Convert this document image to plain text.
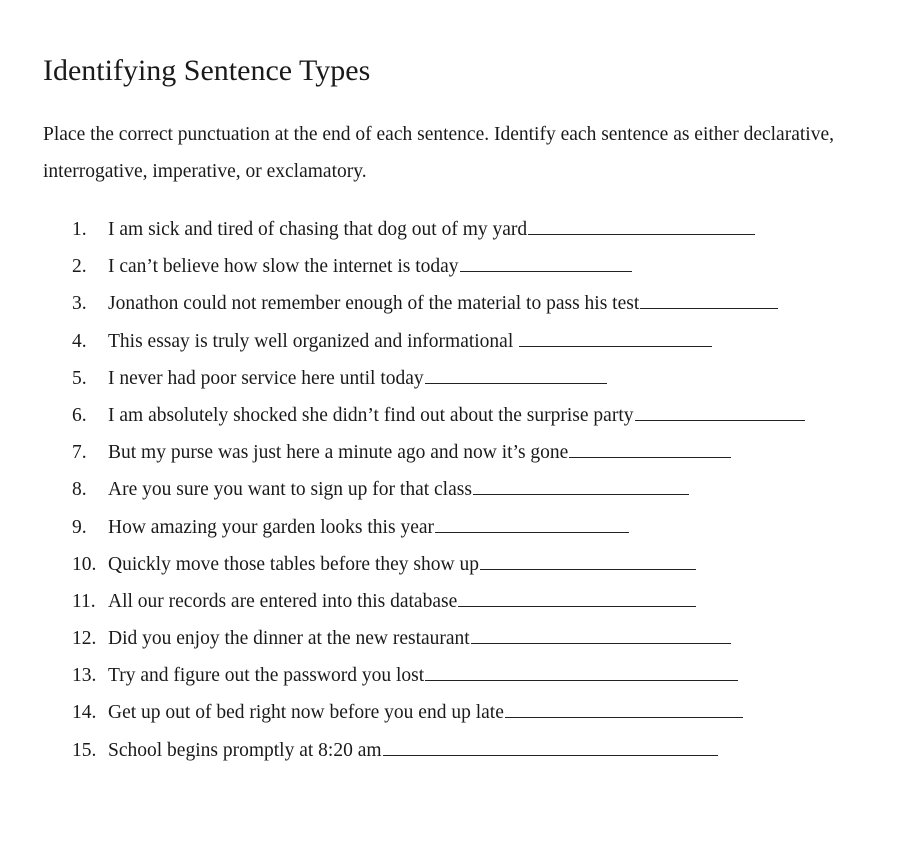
Identifying Sentence Types

Place the correct punctuation at the end of each sentence. Identify each sentence as either declarative, interrogative, imperative, or exclamatory.

1. I am sick and tired of chasing that dog out of my yard
2. I can’t believe how slow the internet is today
3. Jonathon could not remember enough of the material to pass his test
4. This essay is truly well organized and informational
5. I never had poor service here until today
6. I am absolutely shocked she didn’t find out about the surprise party
7. But my purse was just here a minute ago and now it’s gone
8. Are you sure you want to sign up for that class
9. How amazing your garden looks this year
10. Quickly move those tables before they show up
11. All our records are entered into this database
12. Did you enjoy the dinner at the new restaurant
13. Try and figure out the password you lost
14. Get up out of bed right now before you end up late
15. School begins promptly at 8:20 am
